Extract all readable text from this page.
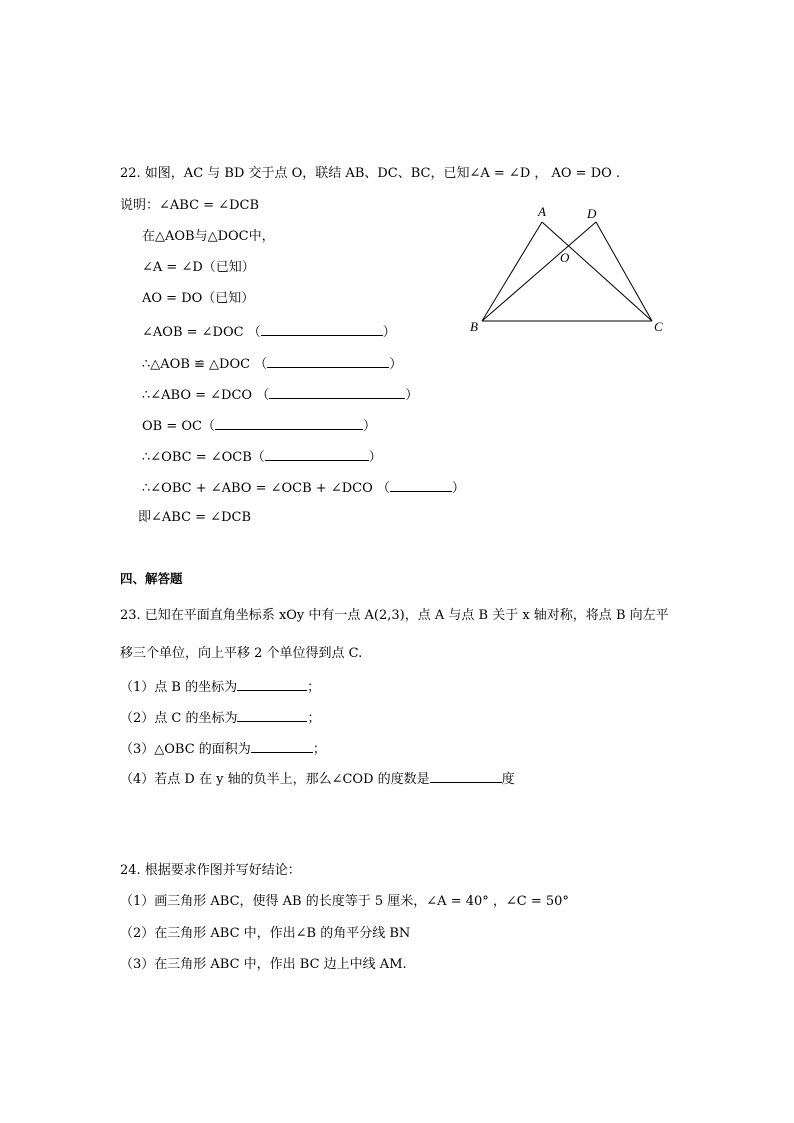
22. 如图，AC 与 BD 交于点 O，联结 AB、DC、BC，已知∠A = ∠D ， AO = DO .
说明：∠ABC = ∠DCB
在△AOB与△DOC中，
∠A = ∠D（已知）
AO = DO（已知）
∠AOB = ∠DOC （	）
∴△AOB ≌ △DOC （	）
∴∠ABO = ∠DCO （	）
OB = OC（	）
∴∠OBC = ∠OCB（	）
∴∠OBC + ∠ABO = ∠OCB + ∠DCO （	）
即∠ABC = ∠DCB
A	D
O
B	C
四、解答题
23. 已知在平面直角坐标系 xOy 中有一点 A(2,3)，点 A 与点 B 关于 x 轴对称，将点 B 向左平
移三个单位，向上平移 2 个单位得到点 C.
（1）点 B 的坐标为	；
（2）点 C 的坐标为	；
（3）△OBC 的面积为	；
（4）若点 D 在 y 轴的负半上，那么∠COD 的度数是	度
24. 根据要求作图并写好结论：
（1）画三角形 ABC，使得 AB 的长度等于 5 厘米，∠A = 40° ，∠C = 50°
（2）在三角形 ABC 中，作出∠B 的角平分线 BN
（3）在三角形 ABC 中，作出 BC 边上中线 AM.
